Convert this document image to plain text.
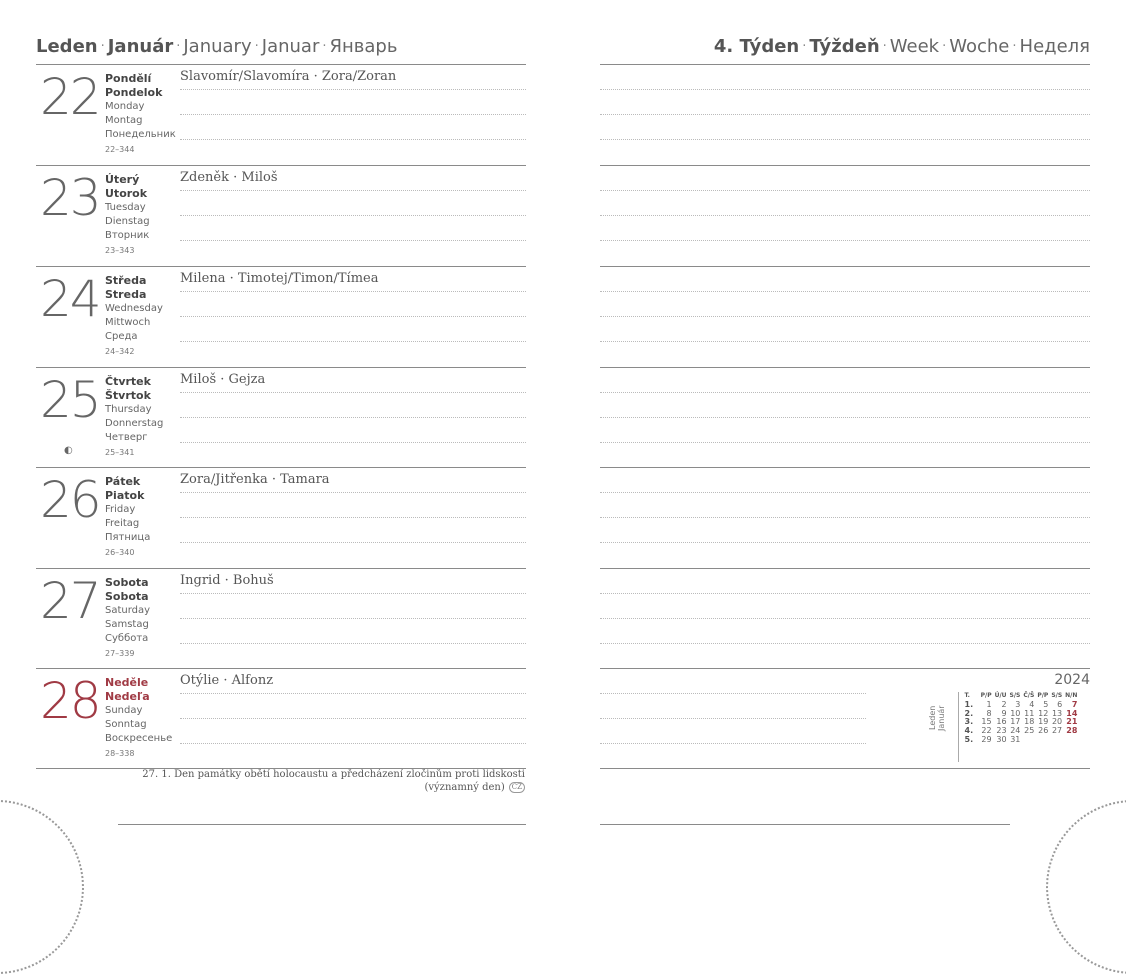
Leden · Január · January · Januar · Январь	4. Týden · Týždeň · Week · Woche · Неделя
22 Pondělí
Pondelok
Monday
Montag
Понедельник
22–344
Slavomír/Slavomíra · Zora/Zoran
23 Úterý
Utorok
Tuesday
Dienstag
Вторник
23–343
Zdeněk · Miloš
24 Středa
Streda
Wednesday
Mittwoch
Среда
24–342
Milena · Timotej/Timon/Tímea
25
◐
Čtvrtek
Štvrtok
Thursday
Donnerstag
Четверг
25–341
Miloš · Gejza
26 Pátek
Piatok
Friday
Freitag
Пятница
26–340
Zora/Jitřenka · Tamara
27 Sobota
Sobota
Saturday
Samstag
Суббота
27–339
Ingrid · Bohuš
28 Neděle
Nedeľa
Sunday
Sonntag
Воскресенье
28–338
Otýlie · Alfonz
27. 1. Den památky obětí holocaustu a předcházení zločinům proti lidskosti
(významný den) CZ
2024
Leden Január
T.	P/P	Ú/U	S/S	Č/Š	P/P	S/S	N/N
1.	1	2	3	4	5	6	7
2.	8	9	10	11	12	13	14
3.	15	16	17	18	19	20	21
4.	22	23	24	25	26	27	28
5.	29	30	31				
